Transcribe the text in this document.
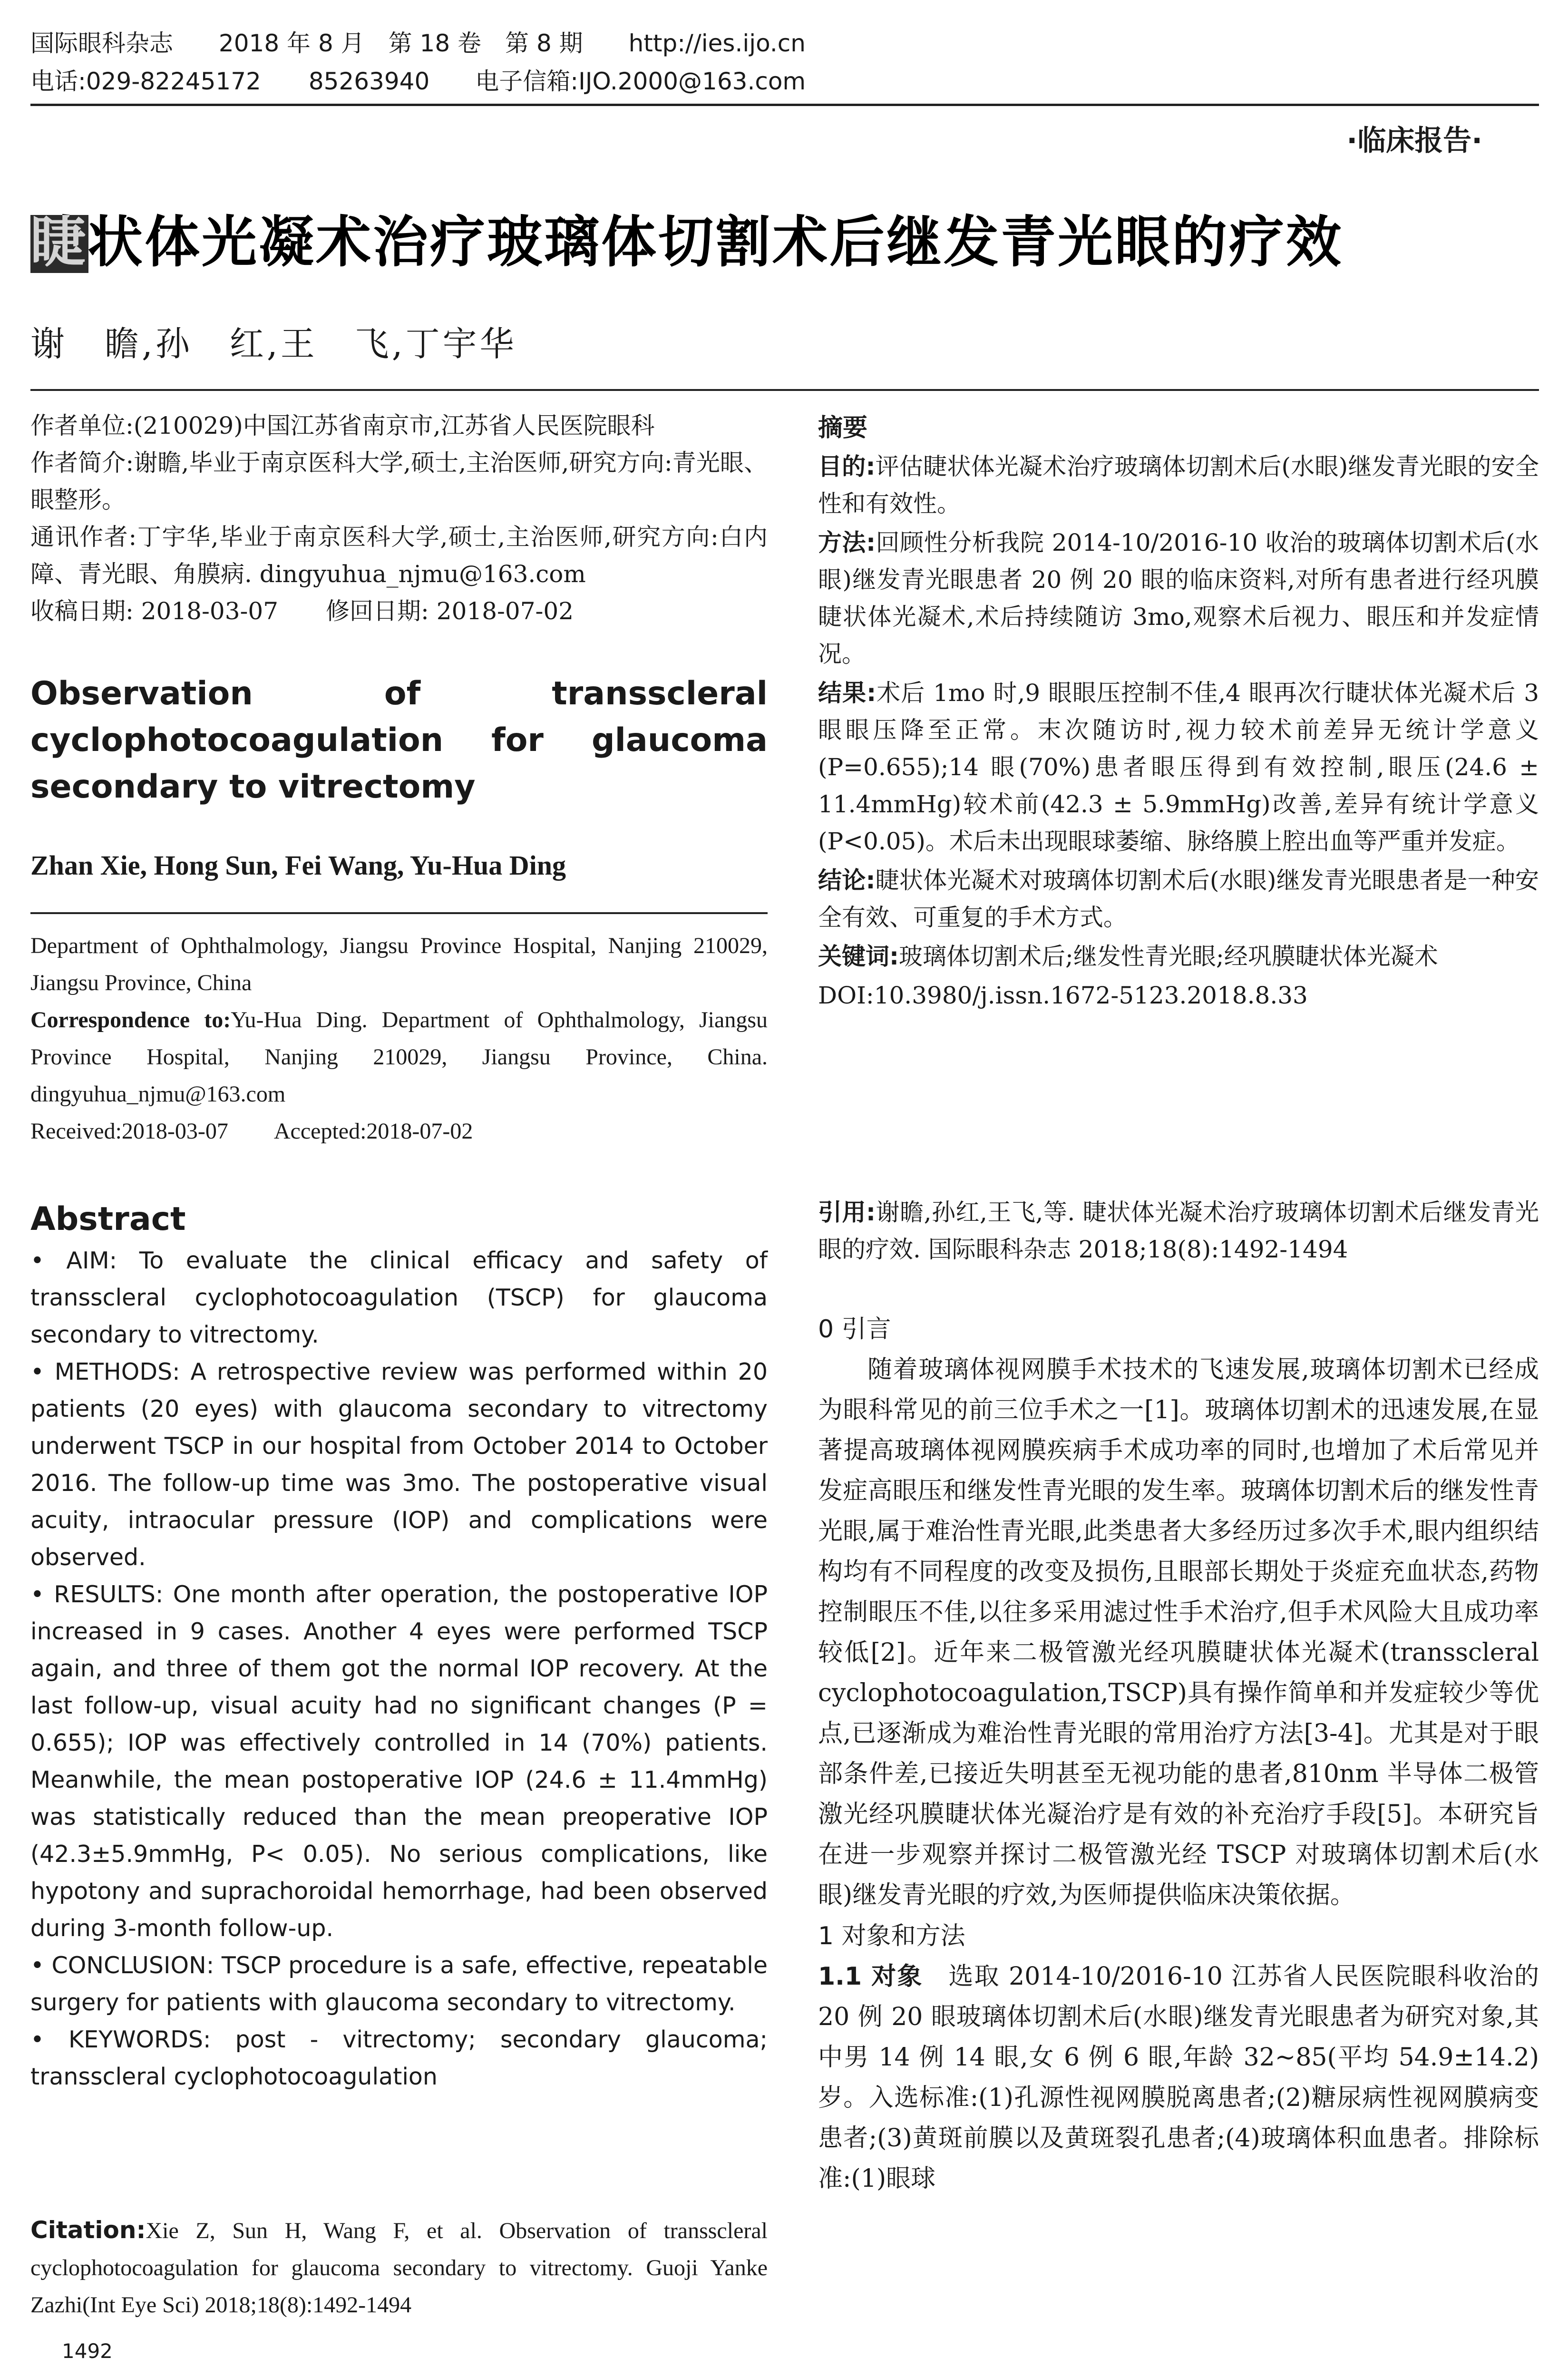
国际眼科杂志 2018 年 8 月　第 18 卷　第 8 期 http://ies.ijo.cn
电话:029-82245172　　85263940 电子信箱:IJO.2000@163.com
·临床报告·
睫状体光凝术治疗玻璃体切割术后继发青光眼的疗效
谢　瞻,孙　红,王　飞,丁宇华

作者单位:(210029)中国江苏省南京市,江苏省人民医院眼科

作者简介:谢瞻,毕业于南京医科大学,硕士,主治医师,研究方向:青光眼、眼整形。

通讯作者:丁宇华,毕业于南京医科大学,硕士,主治医师,研究方向:白内障、青光眼、角膜病. dingyuhua_njmu@163.com

收稿日期: 2018-03-07　　修回日期: 2018-07-02

Observation of transscleral cyclophotocoagulation for glaucoma secondary to vitrectomy
Zhan Xie, Hong Sun, Fei Wang, Yu-Hua Ding

Department of Ophthalmology, Jiangsu Province Hospital, Nanjing 210029, Jiangsu Province, China

Correspondence to:Yu-Hua Ding. Department of Ophthalmology, Jiangsu Province Hospital, Nanjing 210029, Jiangsu Province, China. dingyuhua_njmu@163.com

Received:2018-03-07　　Accepted:2018-07-02

Abstract

• AIM: To evaluate the clinical efficacy and safety of transscleral cyclophotocoagulation (TSCP) for glaucoma secondary to vitrectomy.

• METHODS: A retrospective review was performed within 20 patients (20 eyes) with glaucoma secondary to vitrectomy underwent TSCP in our hospital from October 2014 to October 2016. The follow-up time was 3mo. The postoperative visual acuity, intraocular pressure (IOP) and complications were observed.

• RESULTS: One month after operation, the postoperative IOP increased in 9 cases. Another 4 eyes were performed TSCP again, and three of them got the normal IOP recovery. At the last follow-up, visual acuity had no significant changes (P = 0.655); IOP was effectively controlled in 14 (70%) patients. Meanwhile, the mean postoperative IOP (24.6 ± 11.4mmHg) was statistically reduced than the mean preoperative IOP (42.3±5.9mmHg, P< 0.05). No serious complications, like hypotony and suprachoroidal hemorrhage, had been observed during 3-month follow-up.

• CONCLUSION: TSCP procedure is a safe, effective, repeatable surgery for patients with glaucoma secondary to vitrectomy.

• KEYWORDS: post - vitrectomy; secondary glaucoma; transscleral cyclophotocoagulation

Citation:Xie Z, Sun H, Wang F, et al. Observation of transscleral cyclophotocoagulation for glaucoma secondary to vitrectomy. Guoji Yanke Zazhi(Int Eye Sci) 2018;18(8):1492-1494
1492
摘要

目的:评估睫状体光凝术治疗玻璃体切割术后(水眼)继发青光眼的安全性和有效性。

方法:回顾性分析我院 2014-10/2016-10 收治的玻璃体切割术后(水眼)继发青光眼患者 20 例 20 眼的临床资料,对所有患者进行经巩膜睫状体光凝术,术后持续随访 3mo,观察术后视力、眼压和并发症情况。

结果:术后 1mo 时,9 眼眼压控制不佳,4 眼再次行睫状体光凝术后 3 眼眼压降至正常。末次随访时,视力较术前差异无统计学意义(P=0.655);14 眼(70%)患者眼压得到有效控制,眼压(24.6 ± 11.4mmHg)较术前(42.3 ± 5.9mmHg)改善,差异有统计学意义(P<0.05)。术后未出现眼球萎缩、脉络膜上腔出血等严重并发症。

结论:睫状体光凝术对玻璃体切割术后(水眼)继发青光眼患者是一种安全有效、可重复的手术方式。

关键词:玻璃体切割术后;继发性青光眼;经巩膜睫状体光凝术

DOI:10.3980/j.issn.1672-5123.2018.8.33

引用:谢瞻,孙红,王飞,等. 睫状体光凝术治疗玻璃体切割术后继发青光眼的疗效. 国际眼科杂志 2018;18(8):1492-1494
0 引言

随着玻璃体视网膜手术技术的飞速发展,玻璃体切割术已经成为眼科常见的前三位手术之一[1]。玻璃体切割术的迅速发展,在显著提高玻璃体视网膜疾病手术成功率的同时,也增加了术后常见并发症高眼压和继发性青光眼的发生率。玻璃体切割术后的继发性青光眼,属于难治性青光眼,此类患者大多经历过多次手术,眼内组织结构均有不同程度的改变及损伤,且眼部长期处于炎症充血状态,药物控制眼压不佳,以往多采用滤过性手术治疗,但手术风险大且成功率较低[2]。近年来二极管激光经巩膜睫状体光凝术(transscleral cyclophotocoagulation,TSCP)具有操作简单和并发症较少等优点,已逐渐成为难治性青光眼的常用治疗方法[3-4]。尤其是对于眼部条件差,已接近失明甚至无视功能的患者,810nm 半导体二极管激光经巩膜睫状体光凝治疗是有效的补充治疗手段[5]。本研究旨在进一步观察并探讨二极管激光经 TSCP 对玻璃体切割术后(水眼)继发青光眼的疗效,为医师提供临床决策依据。

1 对象和方法

1.1 对象　 选取 2014-10/2016-10 江苏省人民医院眼科收治的 20 例 20 眼玻璃体切割术后(水眼)继发青光眼患者为研究对象,其中男 14 例 14 眼,女 6 例 6 眼,年龄 32~85(平均 54.9±14.2)岁。入选标准:(1)孔源性视网膜脱离患者;(2)糖尿病性视网膜病变患者;(3)黄斑前膜以及黄斑裂孔患者;(4)玻璃体积血患者。排除标准:(1)眼球
